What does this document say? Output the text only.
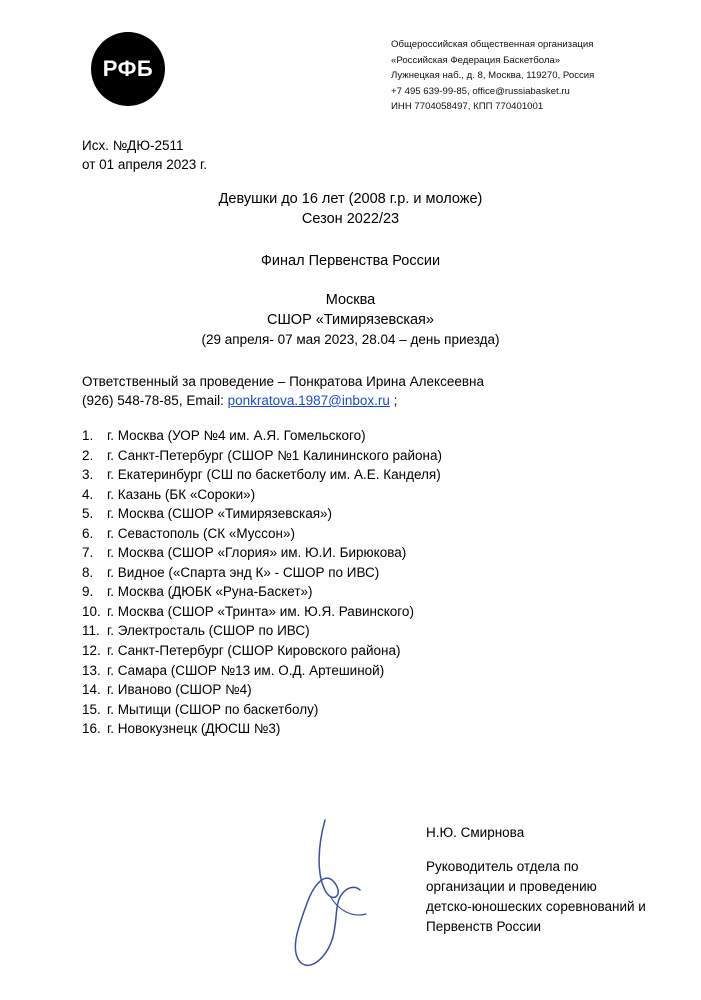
РФБ
Общероссийская общественная организация
«Российская Федерация Баскетбола»
Лужнецкая наб., д. 8, Москва, 119270, Россия
+7 495 639-99-85, office@russiabasket.ru
ИНН 7704058497, КПП 770401001
Исх. №ДЮ-2511
от 01 апреля 2023 г.
Девушки до 16 лет (2008 г.р. и моложе)
Сезон 2022/23
Финал Первенства России
Москва
СШОР «Тимирязевская»
(29 апреля- 07 мая 2023, 28.04 – день приезда)
Ответственный за проведение – Понкратова Ирина Алексеевна
(926) 548-78-85, Email: ponkratova.1987@inbox.ru ;
1. г. Москва (УОР №4 им. А.Я. Гомельского)
2. г. Санкт-Петербург (СШОР №1 Калининского района)
3. г. Екатеринбург (СШ по баскетболу им. А.Е. Канделя)
4. г. Казань (БК «Сороки»)
5. г. Москва (СШОР «Тимирязевская»)
6. г. Севастополь (СК «Муссон»)
7. г. Москва (СШОР «Глория» им. Ю.И. Бирюкова)
8. г. Видное («Спарта энд К» - СШОР по ИВС)
9. г. Москва (ДЮБК «Руна-Баскет»)
10. г. Москва (СШОР «Тринта» им. Ю.Я. Равинского)
11. г. Электросталь (СШОР по ИВС)
12. г. Санкт-Петербург (СШОР Кировского района)
13. г. Самара (СШОР №13 им. О.Д. Артешиной)
14. г. Иваново (СШОР №4)
15. г. Мытищи (СШОР по баскетболу)
16. г. Новокузнецк (ДЮСШ №3)
Н.Ю. Смирнова
Руководитель отдела по
организации и проведению
детско-юношеских соревнований и
Первенств России
